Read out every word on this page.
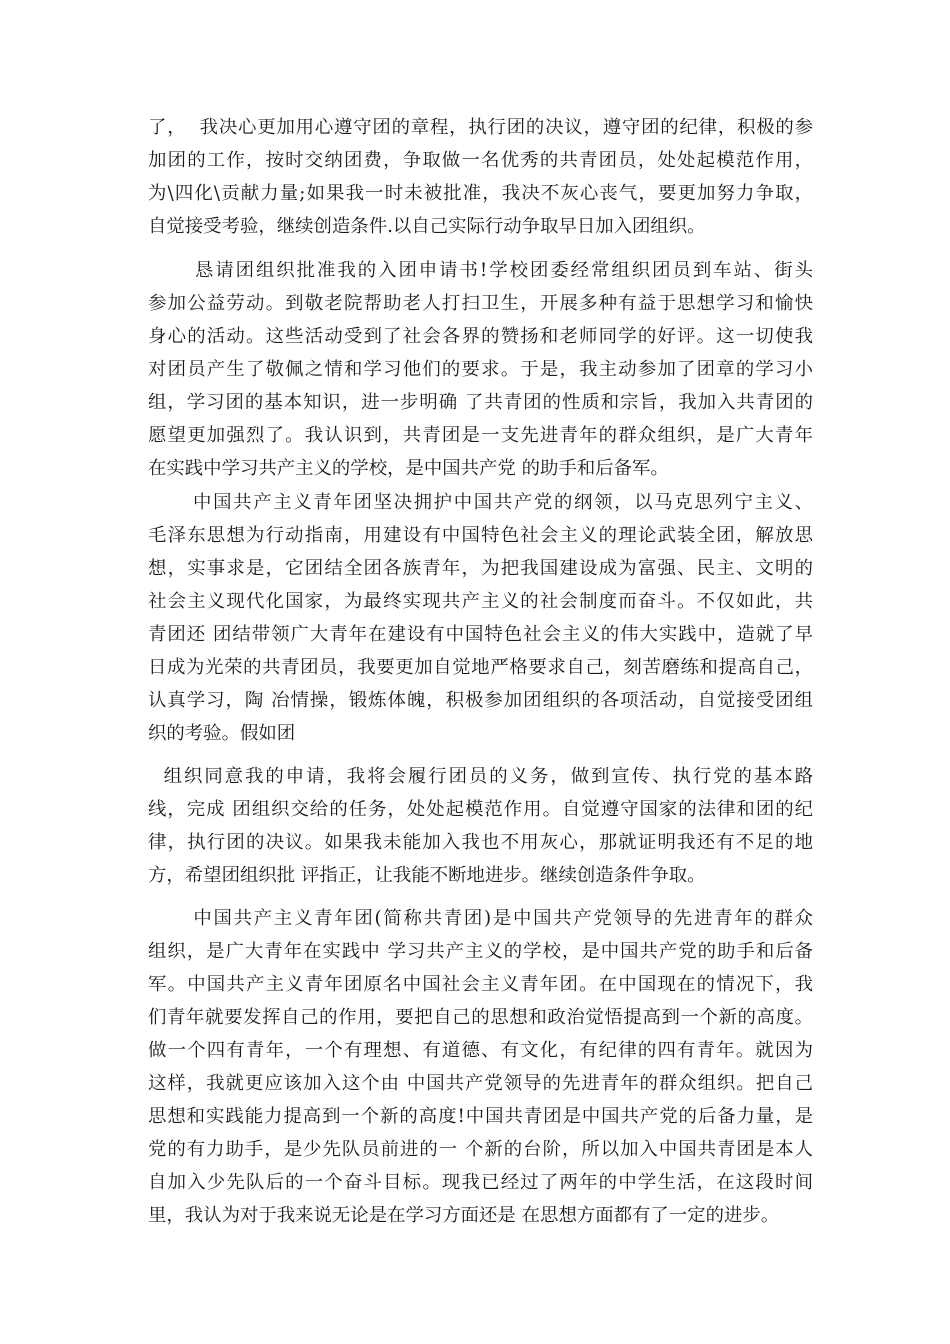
了，  我决心更加用心遵守团的章程，执行团的决议，遵守团的纪律，积极的参
加团的工作，按时交纳团费，争取做一名优秀的共青团员，处处起模范作用，
为\四化\贡献力量;如果我一时未被批准，我决不灰心丧气，要更加努力争取，
自觉接受考验，继续创造条件.以自己实际行动争取早日加入团组织。
恳请团组织批准我的入团申请书!学校团委经常组织团员到车站、街头
参加公益劳动。到敬老院帮助老人打扫卫生，开展多种有益于思想学习和愉快
身心的活动。这些活动受到了社会各界的赞扬和老师同学的好评。这一切使我
对团员产生了敬佩之情和学习他们的要求。于是，我主动参加了团章的学习小
组，学习团的基本知识，进一步明确 了共青团的性质和宗旨，我加入共青团的
愿望更加强烈了。我认识到，共青团是一支先进青年的群众组织，是广大青年
在实践中学习共产主义的学校，是中国共产党 的助手和后备军。
中国共产主义青年团坚决拥护中国共产党的纲领，以马克思列宁主义、
毛泽东思想为行动指南，用建设有中国特色社会主义的理论武装全团，解放思
想，实事求是，它团结全团各族青年，为把我国建设成为富强、民主、文明的
社会主义现代化国家，为最终实现共产主义的社会制度而奋斗。不仅如此，共
青团还 团结带领广大青年在建设有中国特色社会主义的伟大实践中，造就了早
日成为光荣的共青团员，我要更加自觉地严格要求自己，刻苦磨练和提高自己，
认真学习，陶 冶情操，锻炼体魄，积极参加团组织的各项活动，自觉接受团组
织的考验。假如团
组织同意我的申请，我将会履行团员的义务，做到宣传、执行党的基本路
线，完成 团组织交给的任务，处处起模范作用。自觉遵守国家的法律和团的纪
律，执行团的决议。如果我未能加入我也不用灰心，那就证明我还有不足的地
方，希望团组织批 评指正，让我能不断地进步。继续创造条件争取。
中国共产主义青年团(简称共青团)是中国共产党领导的先进青年的群众
组织，是广大青年在实践中 学习共产主义的学校，是中国共产党的助手和后备
军。中国共产主义青年团原名中国社会主义青年团。在中国现在的情况下，我
们青年就要发挥自己的作用，要把自己的思想和政治觉悟提高到一个新的高度。
做一个四有青年，一个有理想、有道德、有文化，有纪律的四有青年。就因为
这样，我就更应该加入这个由 中国共产党领导的先进青年的群众组织。把自己
思想和实践能力提高到一个新的高度!中国共青团是中国共产党的后备力量，是
党的有力助手，是少先队员前进的一 个新的台阶，所以加入中国共青团是本人
自加入少先队后的一个奋斗目标。现我已经过了两年的中学生活，在这段时间
里，我认为对于我来说无论是在学习方面还是 在思想方面都有了一定的进步。
